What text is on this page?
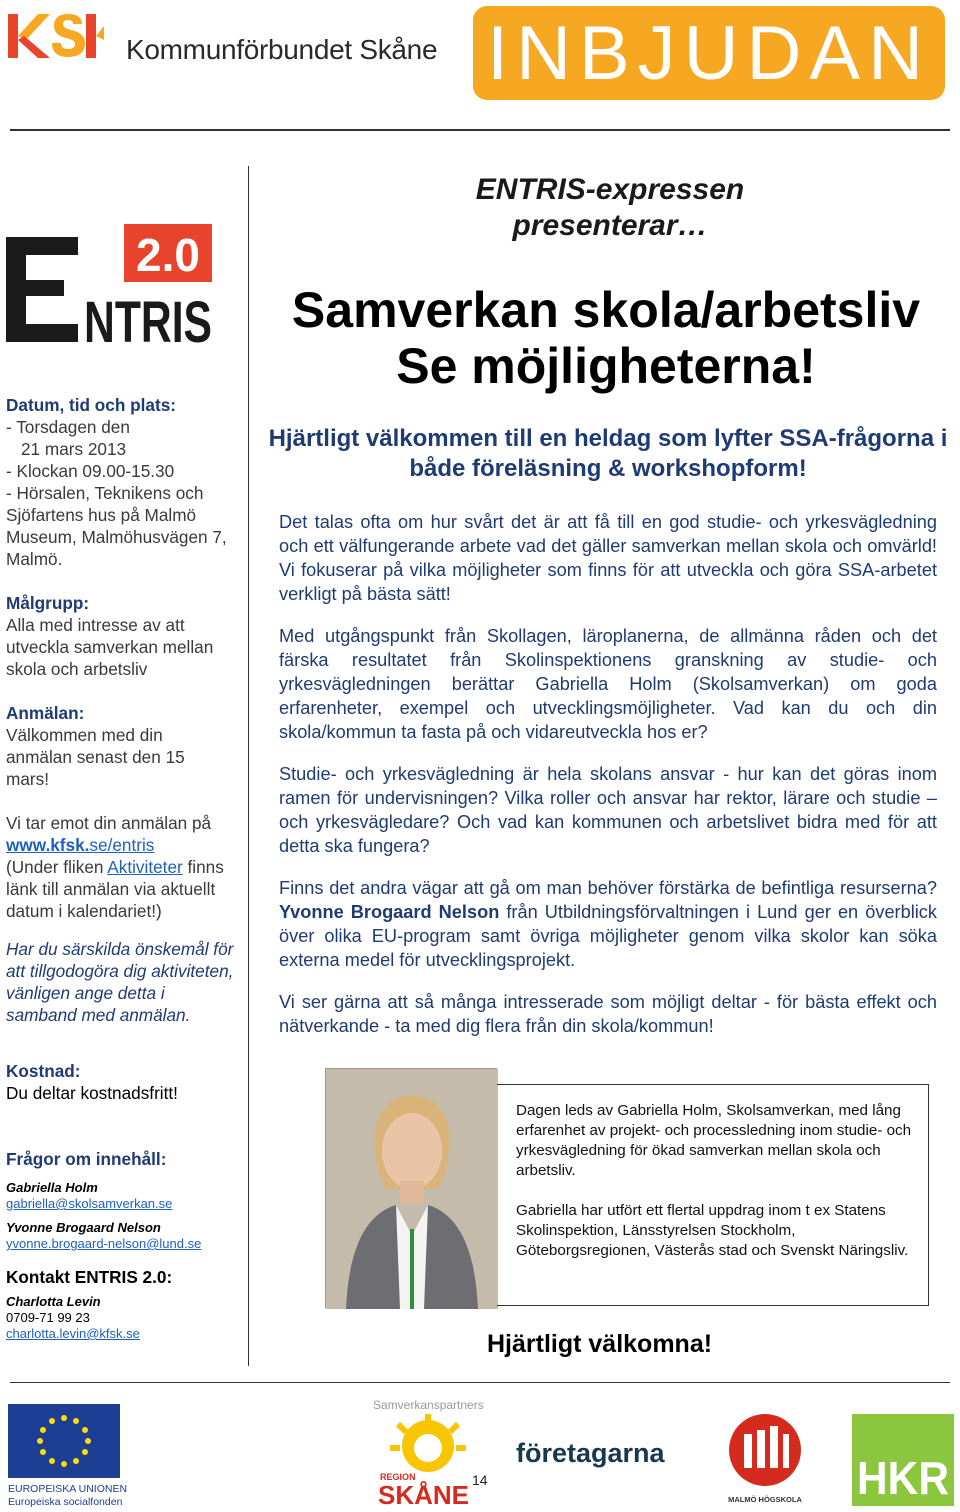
Kommunförbundet Skåne INBJUDAN
2.0
NTRIS
Datum, tid och plats:
- Torsdagen den
21 mars 2013
- Klockan 09.00-15.30
- Hörsalen, Teknikens och
Sjöfartens hus på Malmö
Museum, Malmöhusvägen 7,
Malmö.
Målgrupp:
Alla med intresse av att utveckla samverkan mellan skola och arbetsliv
Anmälan:
Välkommen med din anmälan senast den 15 mars!
Vi tar emot din anmälan på
www.kfsk.se/entris
(Under fliken Aktiviteter finns länk till anmälan via aktuellt datum i kalendariet!)
Har du särskilda önskemål för att tillgodogöra dig aktiviteten, vänligen ange detta i samband med anmälan.
Kostnad:
Du deltar kostnadsfritt!
Frågor om innehåll:
Gabriella Holm
gabriella@skolsamverkan.se
Yvonne Brogaard Nelson
yvonne.brogaard-nelson@lund.se
Kontakt ENTRIS 2.0:
Charlotta Levin
0709-71 99 23
charlotta.levin@kfsk.se
ENTRIS-expressen
presenterar…
Samverkan skola/arbetsliv
Se möjligheterna!
Hjärtligt välkommen till en heldag som lyfter SSA-frågorna i både föreläsning & workshopform!

Det talas ofta om hur svårt det är att få till en god studie- och yrkesvägledning och ett välfungerande arbete vad det gäller samverkan mellan skola och omvärld! Vi fokuserar på vilka möjligheter som finns för att utveckla och göra SSA-arbetet verkligt på bästa sätt!

Med utgångspunkt från Skollagen, läroplanerna, de allmänna råden och det färska resultatet från Skolinspektionens granskning av studie- och yrkesvägledningen berättar Gabriella Holm (Skolsamverkan) om goda erfarenheter, exempel och utvecklingsmöjligheter. Vad kan du och din skola/kommun ta fasta på och vidareutveckla hos er?

Studie- och yrkesvägledning är hela skolans ansvar - hur kan det göras inom ramen för undervisningen? Vilka roller och ansvar har rektor, lärare och studie – och yrkesvägledare? Och vad kan kommunen och arbetslivet bidra med för att detta ska fungera?

Finns det andra vägar att gå om man behöver förstärka de befintliga resurserna? Yvonne Brogaard Nelson från Utbildningsförvaltningen i Lund ger en överblick över olika EU-program samt övriga möjligheter genom vilka skolor kan söka externa medel för utvecklingsprojekt.

Vi ser gärna att så många intresserade som möjligt deltar - för bästa effekt och nätverkande - ta med dig flera från din skola/kommun!

Dagen leds av Gabriella Holm, Skolsamverkan, med lång erfarenhet av projekt- och processledning inom studie- och yrkesvägledning för ökad samverkan mellan skola och arbetsliv.

Gabriella har utfört ett flertal uppdrag inom t ex Statens Skolinspektion, Länsstyrelsen Stockholm, Göteborgsregionen, Västerås stad och Svenskt Näringsliv.

Hjärtligt välkomna!
Samverkanspartners
EUROPEISKA UNIONEN
Europeiska socialfonden
REGION
SKÅNE 14
företagarna
MALMÖ HÖGSKOLA HKR
